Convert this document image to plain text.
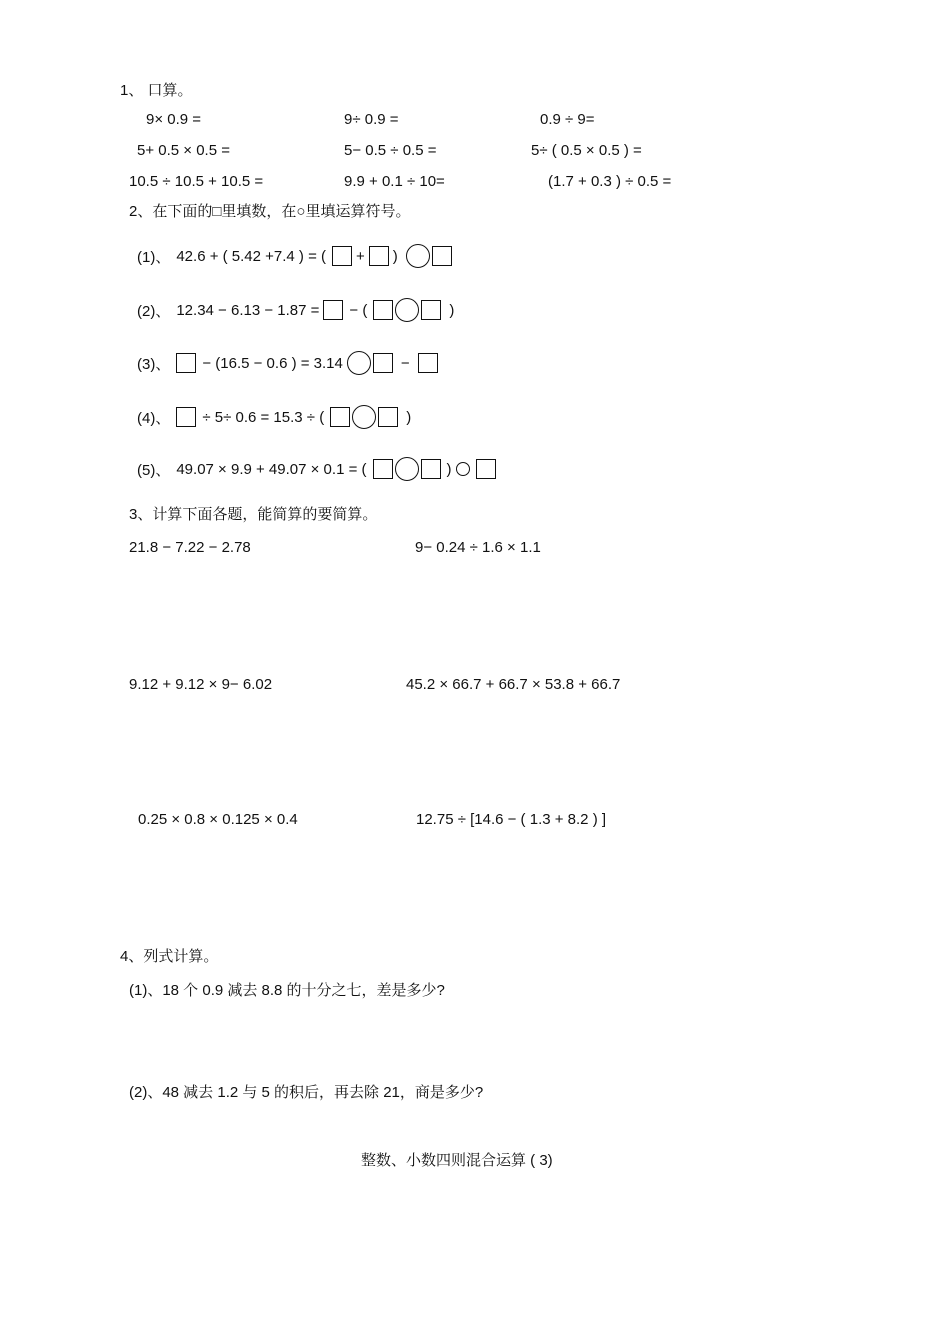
1、 口算。
9× 0.9 =	9÷ 0.9 =	0.9 ÷ 9=
5+ 0.5 × 0.5 =	5− 0.5 ÷ 0.5 =	5÷ ( 0.5 × 0.5 ) =
10.5 ÷ 10.5 + 10.5 =	9.9 + 0.1 ÷ 10=	(1.7 + 0.3 ) ÷ 0.5 =
2、在下面的□里填数，在○里填运算符号。
(1)、 42.6 + ( 5.42 +7.4 ) = ( + )
(2)、 12.34 − 6.13 − 1.87 = − (	)
(3)、 − (16.5 − 0.6 ) = 3.14	−
(4)、 ÷ 5÷ 0.6 = 15.3 ÷ (	)
(5)、 49.07 × 9.9 + 49.07 × 0.1 = (	)
3、计算下面各题，能简算的要简算。
21.8 − 7.22 − 2.78	9− 0.24 ÷ 1.6 × 1.1
9.12 + 9.12 × 9− 6.02	45.2 × 66.7 + 66.7 × 53.8 + 66.7
0.25 × 0.8 × 0.125 × 0.4	12.75 ÷ [14.6 − ( 1.3 + 8.2 ) ]
4、列式计算。
(1)、18 个 0.9 减去 8.8 的十分之七，差是多少?
(2)、48 减去 1.2 与 5 的积后，再去除 21，商是多少?
整数、小数四则混合运算 ( 3)
